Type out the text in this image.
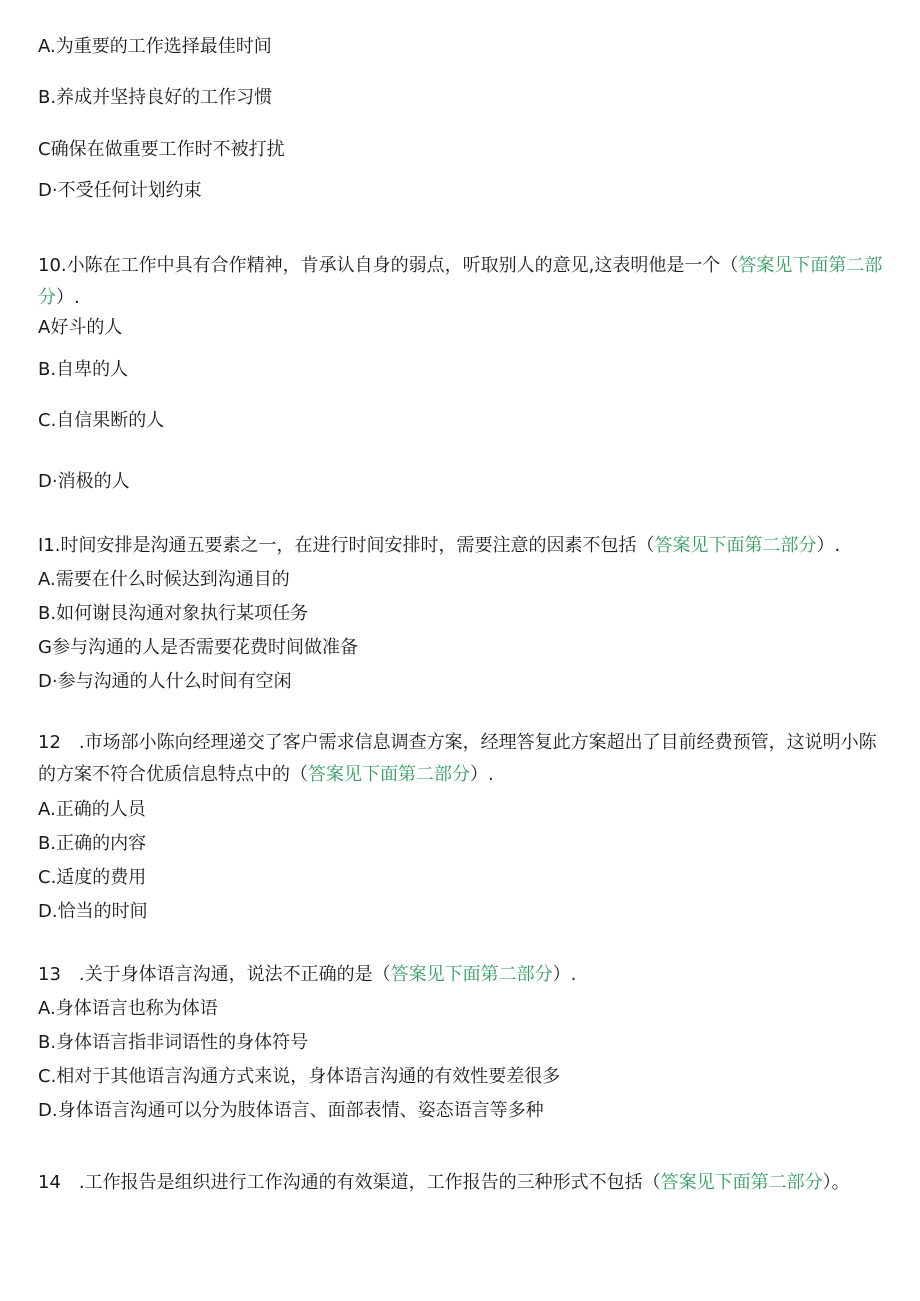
A.为重要的工作选择最佳时间
B.养成并坚持良好的工作习惯
C确保在做重要工作时不被打扰
D·不受任何计划约束
10.小陈在工作中具有合作精神，肯承认自身的弱点，听取别人的意见,这表明他是一个（答案见下面第二部分）.
A好斗的人
B.自卑的人
C.自信果断的人
D·消极的人
I1.时间安排是沟通五要素之一，在进行时间安排时，需要注意的因素不包括（答案见下面第二部分）.
A.需要在什么时候达到沟通目的
B.如何谢艮沟通对象执行某项任务
G参与沟通的人是否需要花费时间做准备
D·参与沟通的人什么时间有空闲
12　.市场部小陈向经理递交了客户需求信息调查方案，经理答复此方案超出了目前经费预管，这说明小陈的方案不符合优质信息特点中的（答案见下面第二部分）.
A.正确的人员
B.正确的内容
C.适度的费用
D.恰当的时间
13　.关于身体语言沟通，说法不正确的是（答案见下面第二部分）.
A.身体语言也称为体语
B.身体语言指非词语性的身体符号
C.相对于其他语言沟通方式来说，身体语言沟通的有效性要差很多
D.身体语言沟通可以分为肢体语言、面部表情、姿态语言等多种
14　.工作报告是组织进行工作沟通的有效渠道，工作报告的三种形式不包括（答案见下面第二部分）。
